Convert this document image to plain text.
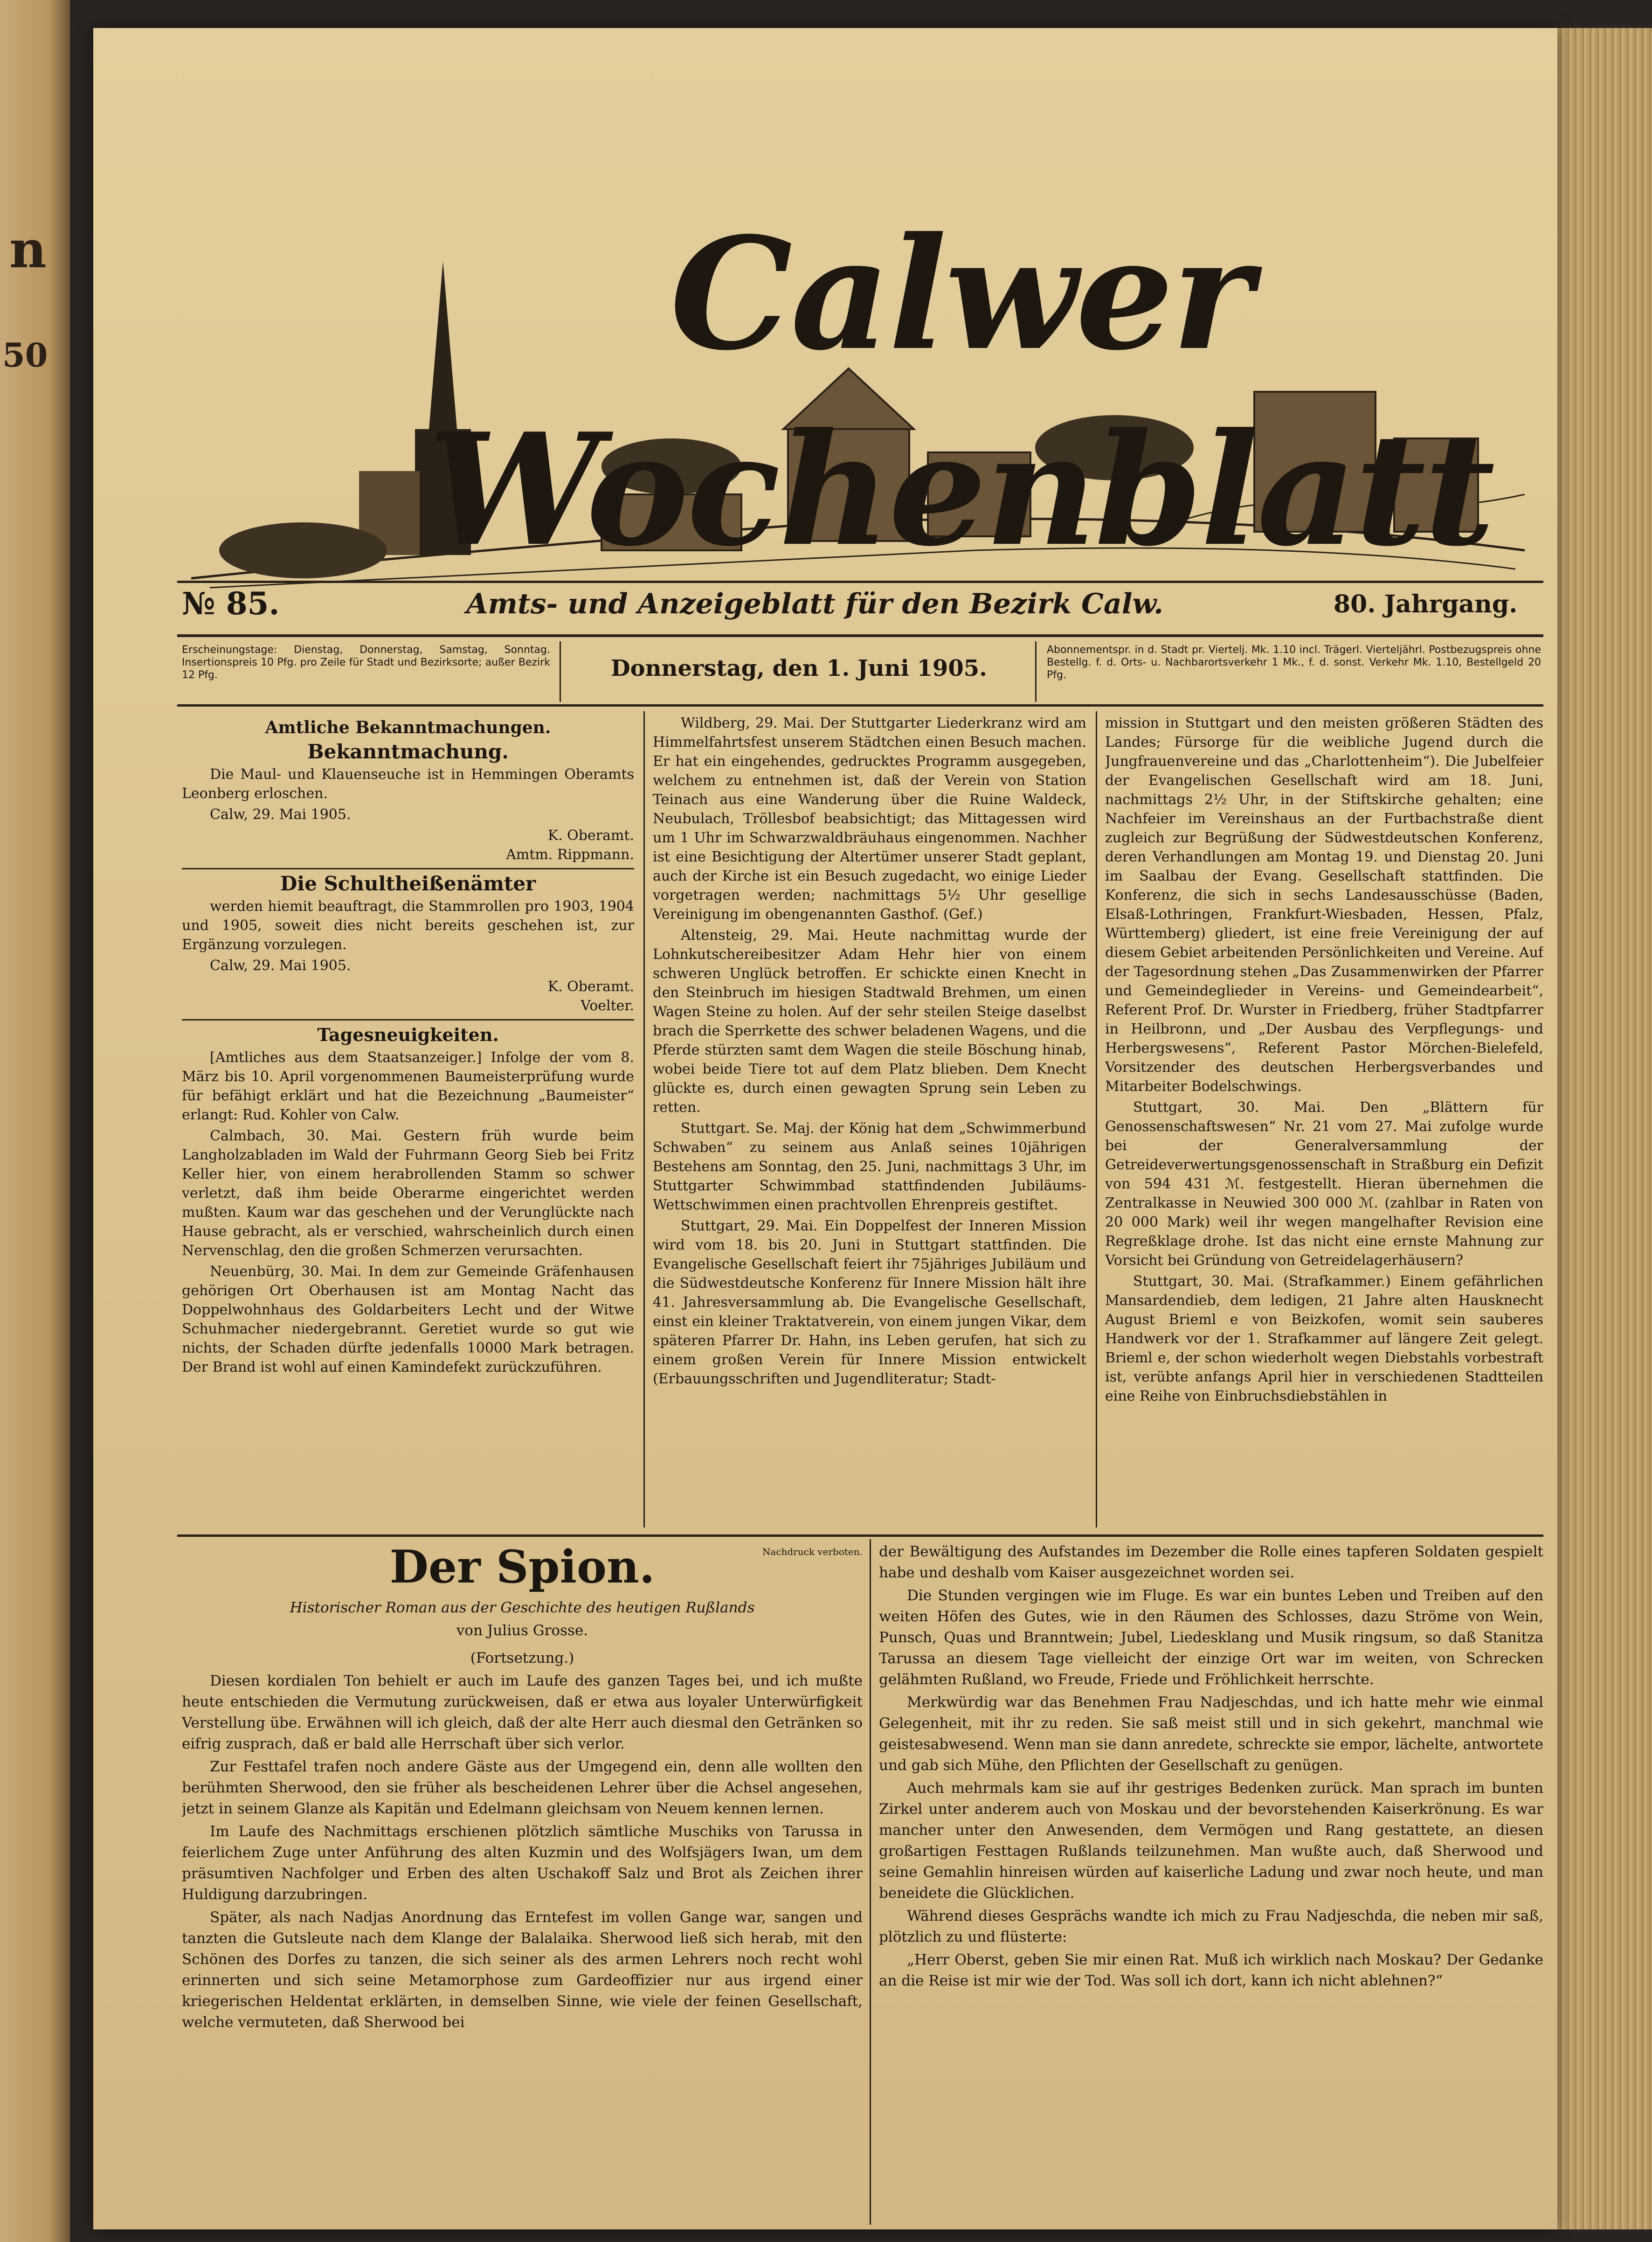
n
50	Calwer Wochenblatt
№ 85.	Amts- und Anzeigeblatt für den Bezirk Calw.	80. Jahrgang.
Erscheinungstage: Dienstag, Donnerstag, Samstag, Sonntag. Insertionspreis 10 Pfg. pro Zeile für Stadt und Bezirksorte; außer Bezirk 12 Pfg.	Donnerstag, den 1. Juni 1905.
Abonnementspr. in d. Stadt pr. Viertelj. Mk. 1.10 incl. Trägerl. Vierteljährl. Postbezugspreis ohne Bestellg. f. d. Orts- u. Nachbarortsverkehr 1 Mk., f. d. sonst. Verkehr Mk. 1.10, Bestellgeld 20 Pfg.

Amtliche Bekanntmachungen.

Bekanntmachung.

Die Maul- und Klauenseuche ist in Hemmingen Oberamts Leonberg erloschen.

Calw, 29. Mai 1905.

K. Oberamt.

Amtm. Rippmann.

Die Schultheißenämter

werden hiemit beauftragt, die Stammrollen pro 1903, 1904 und 1905, soweit dies nicht bereits geschehen ist, zur Ergänzung vorzulegen.

Calw, 29. Mai 1905.

K. Oberamt.

Voelter.

Tagesneuigkeiten.

[Amtliches aus dem Staatsanzeiger.] Infolge der vom 8. März bis 10. April vorgenommenen Baumeisterprüfung wurde für befähigt erklärt und hat die Bezeichnung „Baumeister“ erlangt: Rud. Kohler von Calw.

Calmbach, 30. Mai. Gestern früh wurde beim Langholzabladen im Wald der Fuhrmann Georg Sieb bei Fritz Keller hier, von einem herabrollenden Stamm so schwer verletzt, daß ihm beide Oberarme eingerichtet werden mußten. Kaum war das geschehen und der Verunglückte nach Hause gebracht, als er verschied, wahrscheinlich durch einen Nervenschlag, den die großen Schmerzen verursachten.

Neuenbürg, 30. Mai. In dem zur Gemeinde Gräfenhausen gehörigen Ort Oberhausen ist am Montag Nacht das Doppelwohnhaus des Goldarbeiters Lecht und der Witwe Schuhmacher niedergebrannt. Geretiet wurde so gut wie nichts, der Schaden dürfte jedenfalls 10000 Mark betragen. Der Brand ist wohl auf einen Kamindefekt zurückzuführen.

Wildberg, 29. Mai. Der Stuttgarter Liederkranz wird am Himmelfahrtsfest unserem Städtchen einen Besuch machen. Er hat ein eingehendes, gedrucktes Programm ausgegeben, welchem zu entnehmen ist, daß der Verein von Station Teinach aus eine Wanderung über die Ruine Waldeck, Neubulach, Tröllesbof beabsichtigt; das Mittagessen wird um 1 Uhr im Schwarzwaldbräuhaus eingenommen. Nachher ist eine Besichtigung der Altertümer unserer Stadt geplant, auch der Kirche ist ein Besuch zugedacht, wo einige Lieder vorgetragen werden; nachmittags 5½ Uhr gesellige Vereinigung im obengenannten Gasthof. (Gef.)

Altensteig, 29. Mai. Heute nachmittag wurde der Lohnkutschereibesitzer Adam Hehr hier von einem schweren Unglück betroffen. Er schickte einen Knecht in den Steinbruch im hiesigen Stadtwald Brehmen, um einen Wagen Steine zu holen. Auf der sehr steilen Steige daselbst brach die Sperrkette des schwer beladenen Wagens, und die Pferde stürzten samt dem Wagen die steile Böschung hinab, wobei beide Tiere tot auf dem Platz blieben. Dem Knecht glückte es, durch einen gewagten Sprung sein Leben zu retten.

Stuttgart. Se. Maj. der König hat dem „Schwimmerbund Schwaben“ zu seinem aus Anlaß seines 10jährigen Bestehens am Sonntag, den 25. Juni, nachmittags 3 Uhr, im Stuttgarter Schwimmbad stattfindenden Jubiläums-Wettschwimmen einen prachtvollen Ehrenpreis gestiftet.

Stuttgart, 29. Mai. Ein Doppelfest der Inneren Mission wird vom 18. bis 20. Juni in Stuttgart stattfinden. Die Evangelische Gesellschaft feiert ihr 75jähriges Jubiläum und die Südwestdeutsche Konferenz für Innere Mission hält ihre 41. Jahresversammlung ab. Die Evangelische Gesellschaft, einst ein kleiner Traktatverein, von einem jungen Vikar, dem späteren Pfarrer Dr. Hahn, ins Leben gerufen, hat sich zu einem großen Verein für Innere Mission entwickelt (Erbauungsschriften und Jugendliteratur; Stadt-

mission in Stuttgart und den meisten größeren Städten des Landes; Fürsorge für die weibliche Jugend durch die Jungfrauenvereine und das „Charlottenheim“). Die Jubelfeier der Evangelischen Gesellschaft wird am 18. Juni, nachmittags 2½ Uhr, in der Stiftskirche gehalten; eine Nachfeier im Vereinshaus an der Furtbachstraße dient zugleich zur Begrüßung der Südwestdeutschen Konferenz, deren Verhandlungen am Montag 19. und Dienstag 20. Juni im Saalbau der Evang. Gesellschaft stattfinden. Die Konferenz, die sich in sechs Landesausschüsse (Baden, Elsaß-Lothringen, Frankfurt-Wiesbaden, Hessen, Pfalz, Württemberg) gliedert, ist eine freie Vereinigung der auf diesem Gebiet arbeitenden Persönlichkeiten und Vereine. Auf der Tagesordnung stehen „Das Zusammenwirken der Pfarrer und Gemeindeglieder in Vereins- und Gemeindearbeit“, Referent Prof. Dr. Wurster in Friedberg, früher Stadtpfarrer in Heilbronn, und „Der Ausbau des Verpflegungs- und Herbergswesens“, Referent Pastor Mörchen-Bielefeld, Vorsitzender des deutschen Herbergsverbandes und Mitarbeiter Bodelschwings.

Stuttgart, 30. Mai. Den „Blättern für Genossenschaftswesen“ Nr. 21 vom 27. Mai zufolge wurde bei der Generalversammlung der Getreideverwertungsgenossenschaft in Straßburg ein Defizit von 594 431 ℳ. festgestellt. Hieran übernehmen die Zentralkasse in Neuwied 300 000 ℳ. (zahlbar in Raten von 20 000 Mark) weil ihr wegen mangelhafter Revision eine Regreßklage drohe. Ist das nicht eine ernste Mahnung zur Vorsicht bei Gründung von Getreidelagerhäusern?

Stuttgart, 30. Mai. (Strafkammer.) Einem gefährlichen Mansardendieb, dem ledigen, 21 Jahre alten Hausknecht August Brieml e von Beizkofen, womit sein sauberes Handwerk vor der 1. Strafkammer auf längere Zeit gelegt. Brieml e, der schon wiederholt wegen Diebstahls vorbestraft ist, verübte anfangs April hier in verschiedenen Stadtteilen eine Reihe von Einbruchsdiebstählen in

Der Spion.	Nachdruck verboten.

Historischer Roman aus der Geschichte des heutigen Rußlands

von Julius Grosse.

(Fortsetzung.)

Diesen kordialen Ton behielt er auch im Laufe des ganzen Tages bei, und ich mußte heute entschieden die Vermutung zurückweisen, daß er etwa aus loyaler Unterwürfigkeit Verstellung übe. Erwähnen will ich gleich, daß der alte Herr auch diesmal den Getränken so eifrig zusprach, daß er bald alle Herrschaft über sich verlor.

Zur Festtafel trafen noch andere Gäste aus der Umgegend ein, denn alle wollten den berühmten Sherwood, den sie früher als bescheidenen Lehrer über die Achsel angesehen, jetzt in seinem Glanze als Kapitän und Edelmann gleichsam von Neuem kennen lernen.

Im Laufe des Nachmittags erschienen plötzlich sämtliche Muschiks von Tarussa in feierlichem Zuge unter Anführung des alten Kuzmin und des Wolfsjägers Iwan, um dem präsumtiven Nachfolger und Erben des alten Uschakoff Salz und Brot als Zeichen ihrer Huldigung darzubringen.

Später, als nach Nadjas Anordnung das Erntefest im vollen Gange war, sangen und tanzten die Gutsleute nach dem Klange der Balalaika. Sherwood ließ sich herab, mit den Schönen des Dorfes zu tanzen, die sich seiner als des armen Lehrers noch recht wohl erinnerten und sich seine Metamorphose zum Gardeoffizier nur aus irgend einer kriegerischen Heldentat erklärten, in demselben Sinne, wie viele der feinen Gesellschaft, welche vermuteten, daß Sherwood bei

der Bewältigung des Aufstandes im Dezember die Rolle eines tapferen Soldaten gespielt habe und deshalb vom Kaiser ausgezeichnet worden sei.

Die Stunden vergingen wie im Fluge. Es war ein buntes Leben und Treiben auf den weiten Höfen des Gutes, wie in den Räumen des Schlosses, dazu Ströme von Wein, Punsch, Quas und Branntwein; Jubel, Liedesklang und Musik ringsum, so daß Stanitza Tarussa an diesem Tage vielleicht der einzige Ort war im weiten, von Schrecken gelähmten Rußland, wo Freude, Friede und Fröhlichkeit herrschte.

Merkwürdig war das Benehmen Frau Nadjeschdas, und ich hatte mehr wie einmal Gelegenheit, mit ihr zu reden. Sie saß meist still und in sich gekehrt, manchmal wie geistesabwesend. Wenn man sie dann anredete, schreckte sie empor, lächelte, antwortete und gab sich Mühe, den Pflichten der Gesellschaft zu genügen.

Auch mehrmals kam sie auf ihr gestriges Bedenken zurück. Man sprach im bunten Zirkel unter anderem auch von Moskau und der bevorstehenden Kaiserkrönung. Es war mancher unter den Anwesenden, dem Vermögen und Rang gestattete, an diesen großartigen Festtagen Rußlands teilzunehmen. Man wußte auch, daß Sherwood und seine Gemahlin hinreisen würden auf kaiserliche Ladung und zwar noch heute, und man beneidete die Glücklichen.

Während dieses Gesprächs wandte ich mich zu Frau Nadjeschda, die neben mir saß, plötzlich zu und flüsterte:

„Herr Oberst, geben Sie mir einen Rat. Muß ich wirklich nach Moskau? Der Gedanke an die Reise ist mir wie der Tod. Was soll ich dort, kann ich nicht ablehnen?“
